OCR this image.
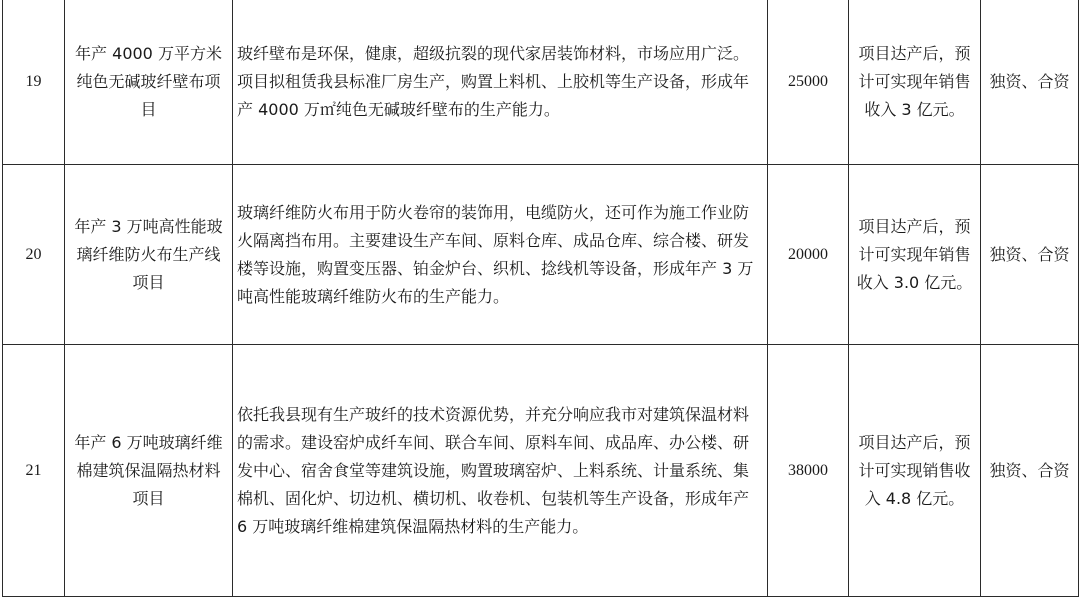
19	年产 4000 万平方米纯色无碱玻纤壁布项目	玻纤壁布是环保，健康，超级抗裂的现代家居装饰材料，市场应用广泛。项目拟租赁我县标准厂房生产，购置上料机、上胶机等生产设备，形成年产 4000 万㎡纯色无碱玻纤壁布的生产能力。	25000	项目达产后，预计可实现年销售收入 3 亿元。	独资、合资
20	年产 3 万吨高性能玻璃纤维防火布生产线项目	玻璃纤维防火布用于防火卷帘的装饰用，电缆防火，还可作为施工作业防火隔离挡布用。主要建设生产车间、原料仓库、成品仓库、综合楼、研发楼等设施，购置变压器、铂金炉台、织机、捻线机等设备，形成年产 3 万吨高性能玻璃纤维防火布的生产能力。	20000	项目达产后，预计可实现年销售收入 3.0 亿元。	独资、合资
21	年产 6 万吨玻璃纤维棉建筑保温隔热材料项目	依托我县现有生产玻纤的技术资源优势，并充分响应我市对建筑保温材料的需求。建设窑炉成纤车间、联合车间、原料车间、成品库、办公楼、研发中心、宿舍食堂等建筑设施，购置玻璃窑炉、上料系统、计量系统、集棉机、固化炉、切边机、横切机、收卷机、包装机等生产设备，形成年产 6 万吨玻璃纤维棉建筑保温隔热材料的生产能力。	38000	项目达产后，预计可实现销售收入 4.8 亿元。	独资、合资
